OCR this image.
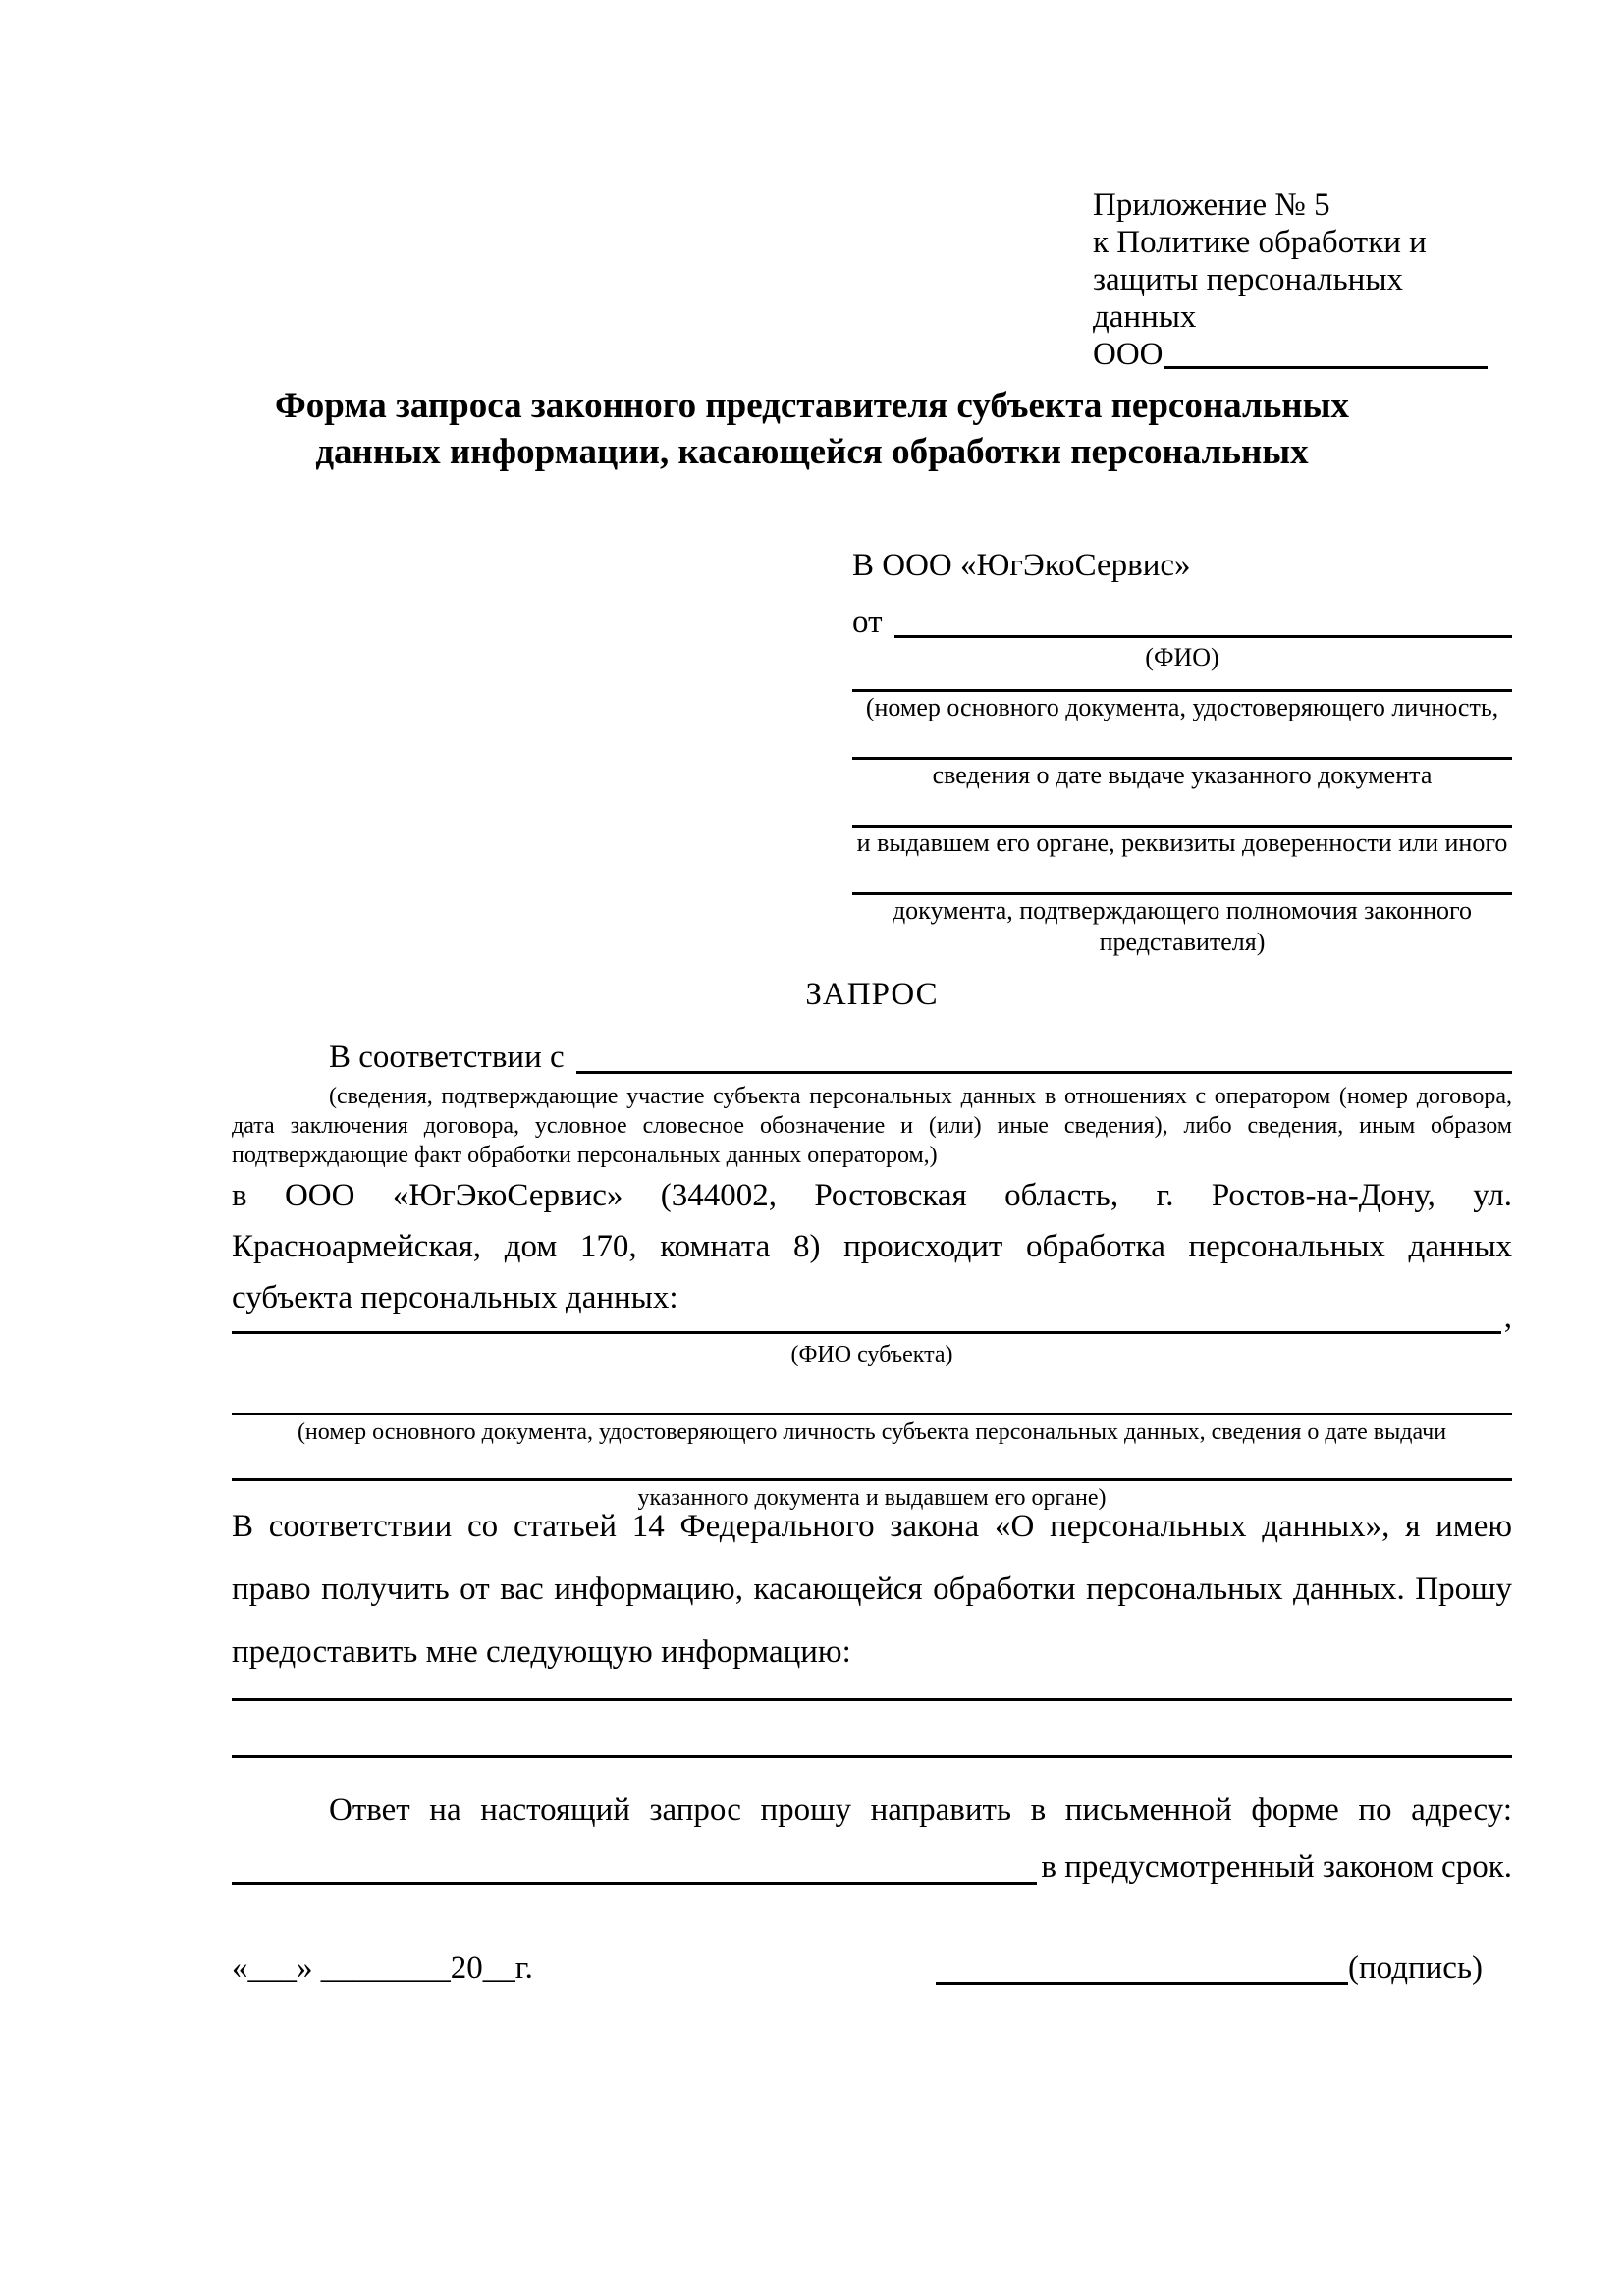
Приложение № 5
к Политике обработки и
защиты персональных данных
ООО
Форма запроса законного представителя субъекта персональных
данных информации, касающейся обработки персональных
В ООО «ЮгЭкоСервис»
от
(ФИО)
(номер основного документа, удостоверяющего личность,
сведения о дате выдаче указанного документа
и выдавшем его органе, реквизиты доверенности или иного
документа, подтверждающего полномочия законного представителя)
ЗАПРОС
В соответствии с
(сведения, подтверждающие участие субъекта персональных данных в отношениях с оператором (номер договора, дата заключения договора, условное словесное обозначение и (или) иные сведения), либо сведения, иным образом подтверждающие факт обработки персональных данных оператором,)
в ООО «ЮгЭкоСервис» (344002, Ростовская область, г. Ростов-на-Дону, ул. Красноармейская, дом 170, комната 8) происходит обработка персональных данных субъекта персональных данных:
,
(ФИО субъекта)
(номер основного документа, удостоверяющего личность субъекта персональных данных, сведения о дате выдачи
указанного документа и выдавшем его органе)
В соответствии со статьей 14 Федерального закона «О персональных данных», я имею право получить от вас информацию, касающейся обработки персональных данных. Прошу предоставить мне следующую информацию:
Ответ на настоящий запрос прошу направить в письменной форме по адресу:
в предусмотренный законом срок.
«___» ________20__г.	(подпись)
